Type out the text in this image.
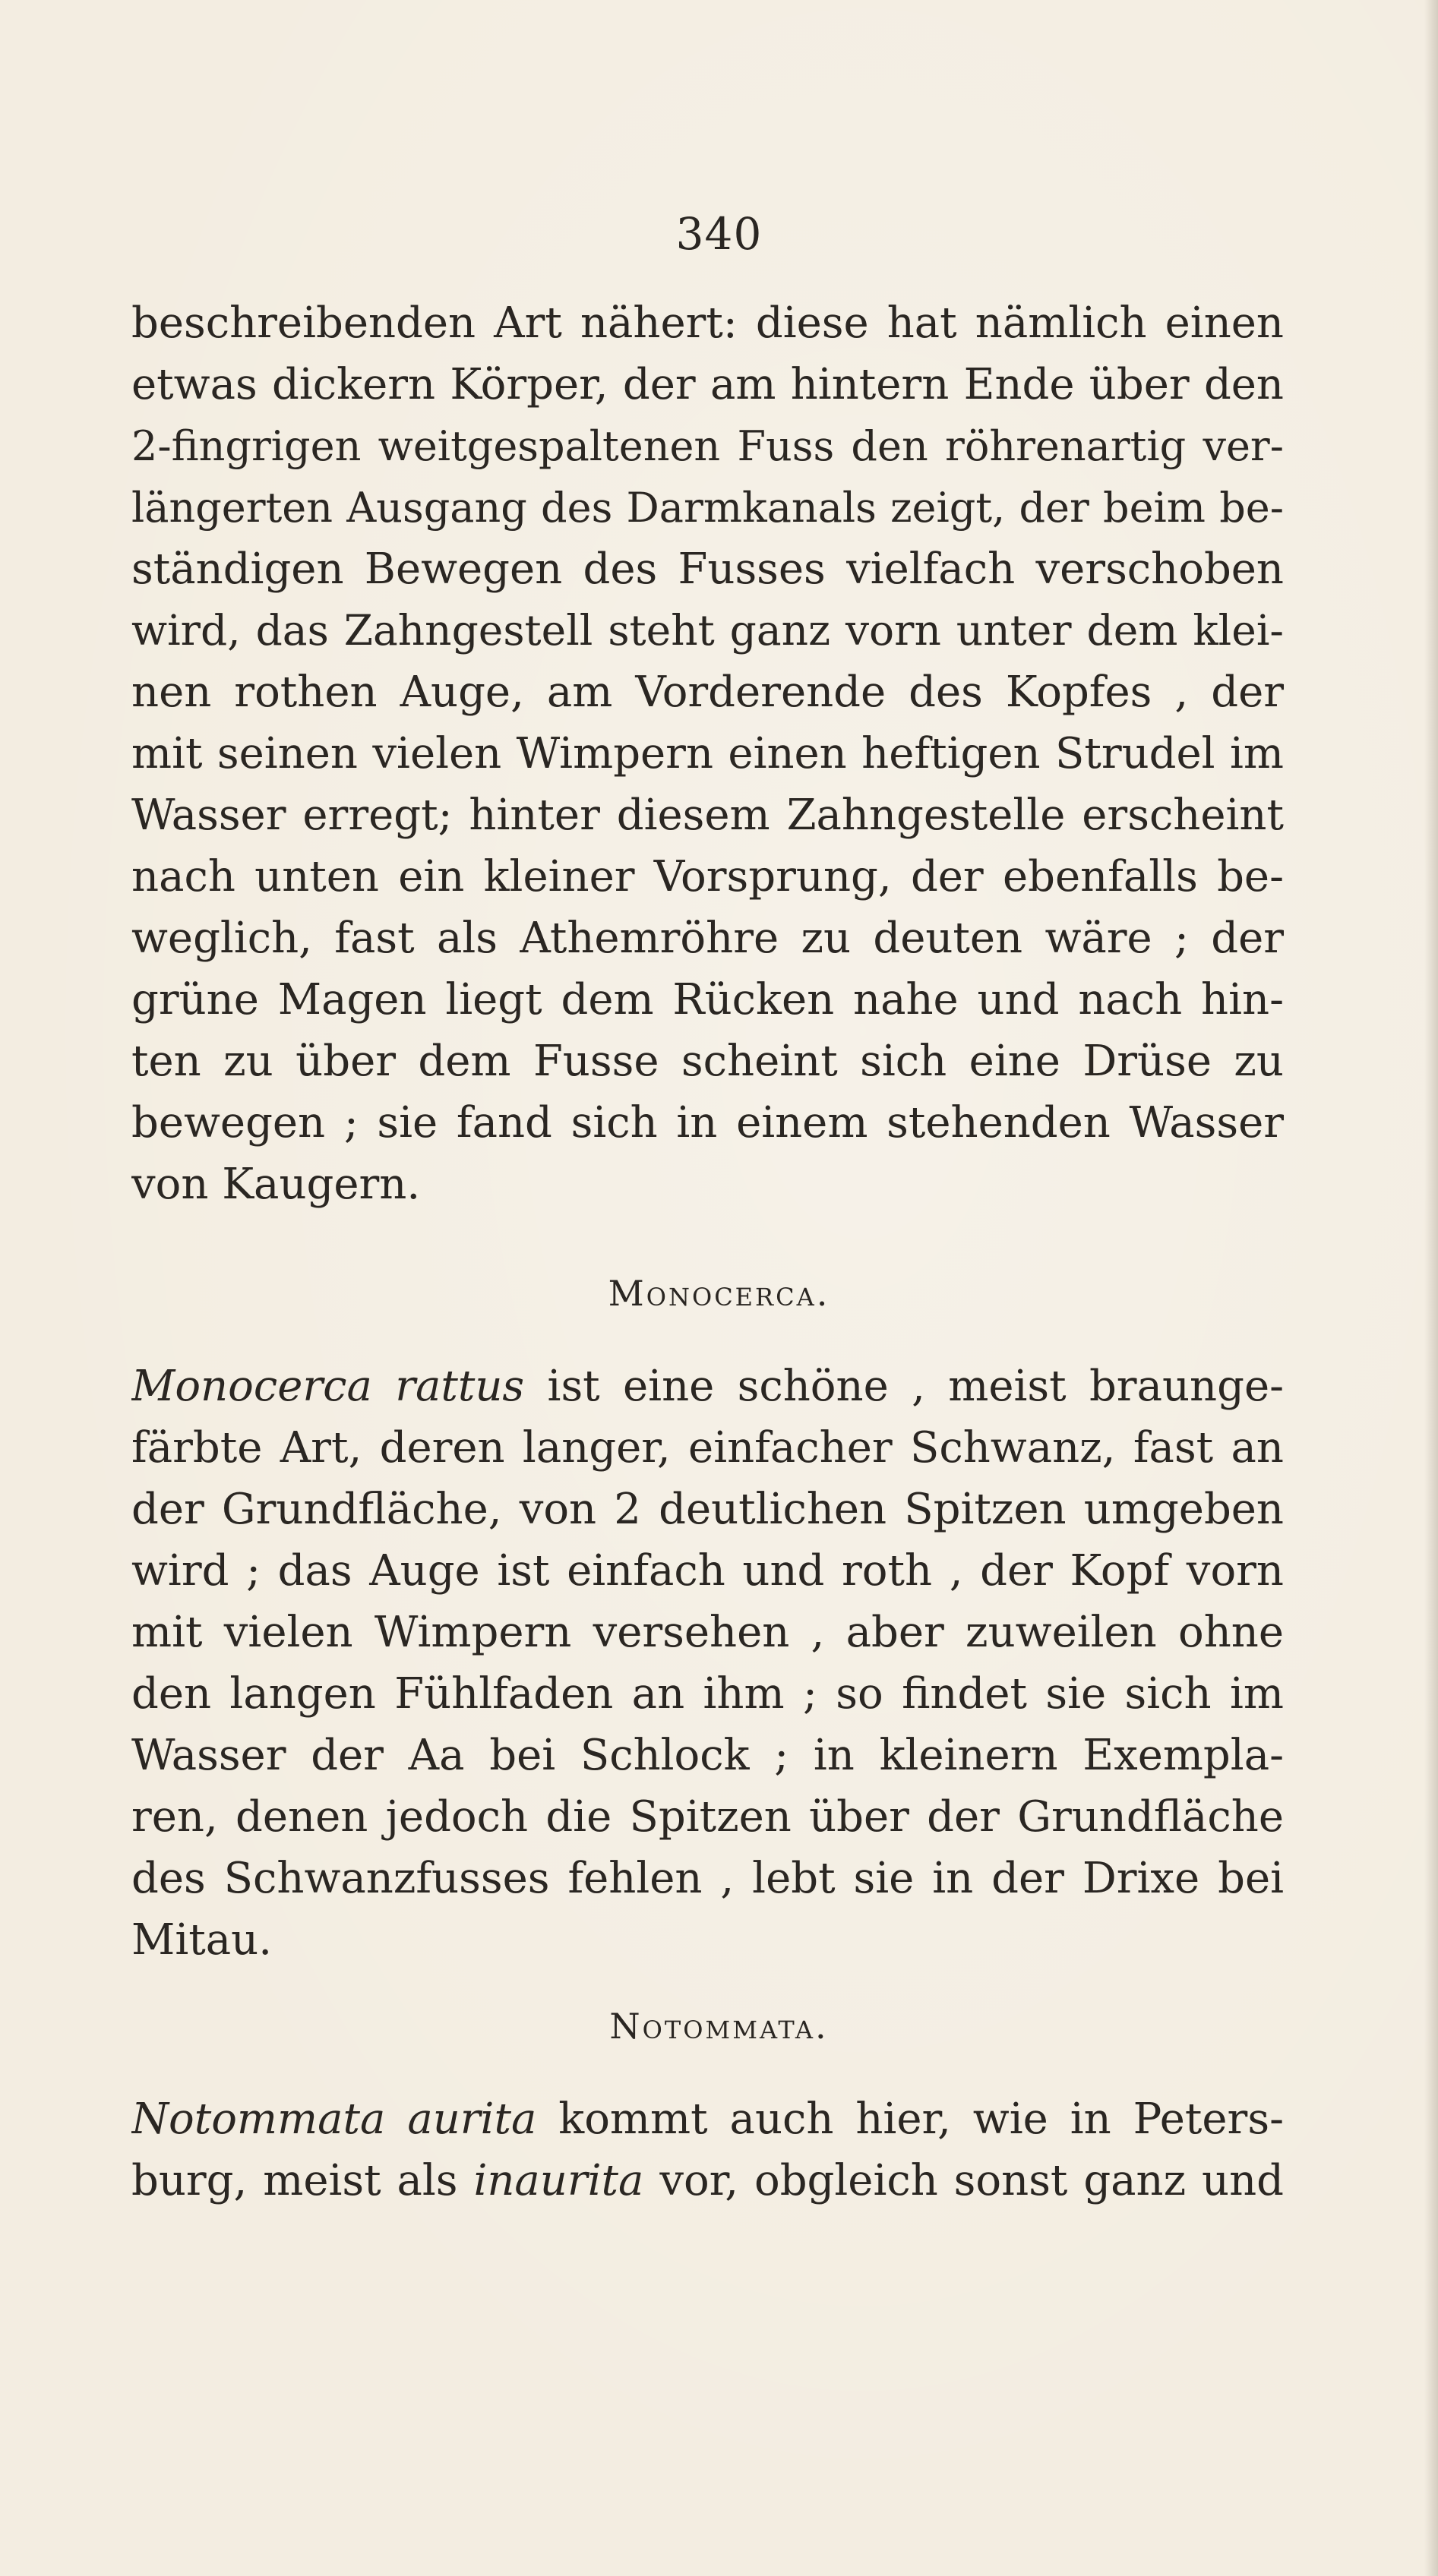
340
beschreibenden Art nähert: diese hat nämlich einen
etwas dickern Körper, der am hintern Ende über den
2-fingrigen weitgespaltenen Fuss den röhrenartig ver-
längerten Ausgang des Darmkanals zeigt, der beim be-
ständigen Bewegen des Fusses vielfach verschoben
wird, das Zahngestell steht ganz vorn unter dem klei-
nen rothen Auge, am Vorderende des Kopfes , der
mit seinen vielen Wimpern einen heftigen Strudel im
Wasser erregt; hinter diesem Zahngestelle erscheint
nach unten ein kleiner Vorsprung, der ebenfalls be-
weglich, fast als Athemröhre zu deuten wäre ; der
grüne Magen liegt dem Rücken nahe und nach hin-
ten zu über dem Fusse scheint sich eine Drüse zu
bewegen ; sie fand sich in einem stehenden Wasser
von Kaugern.
Monocerca.
Monocerca rattus ist eine schöne , meist braunge-
färbte Art, deren langer, einfacher Schwanz, fast an
der Grundfläche, von 2 deutlichen Spitzen umgeben
wird ; das Auge ist einfach und roth , der Kopf vorn
mit vielen Wimpern versehen , aber zuweilen ohne
den langen Fühlfaden an ihm ; so findet sie sich im
Wasser der Aa bei Schlock ; in kleinern Exempla-
ren, denen jedoch die Spitzen über der Grundfläche
des Schwanzfusses fehlen , lebt sie in der Drixe bei
Mitau.
Notommata.
Notommata aurita kommt auch hier, wie in Peters-
burg, meist als inaurita vor, obgleich sonst ganz und
